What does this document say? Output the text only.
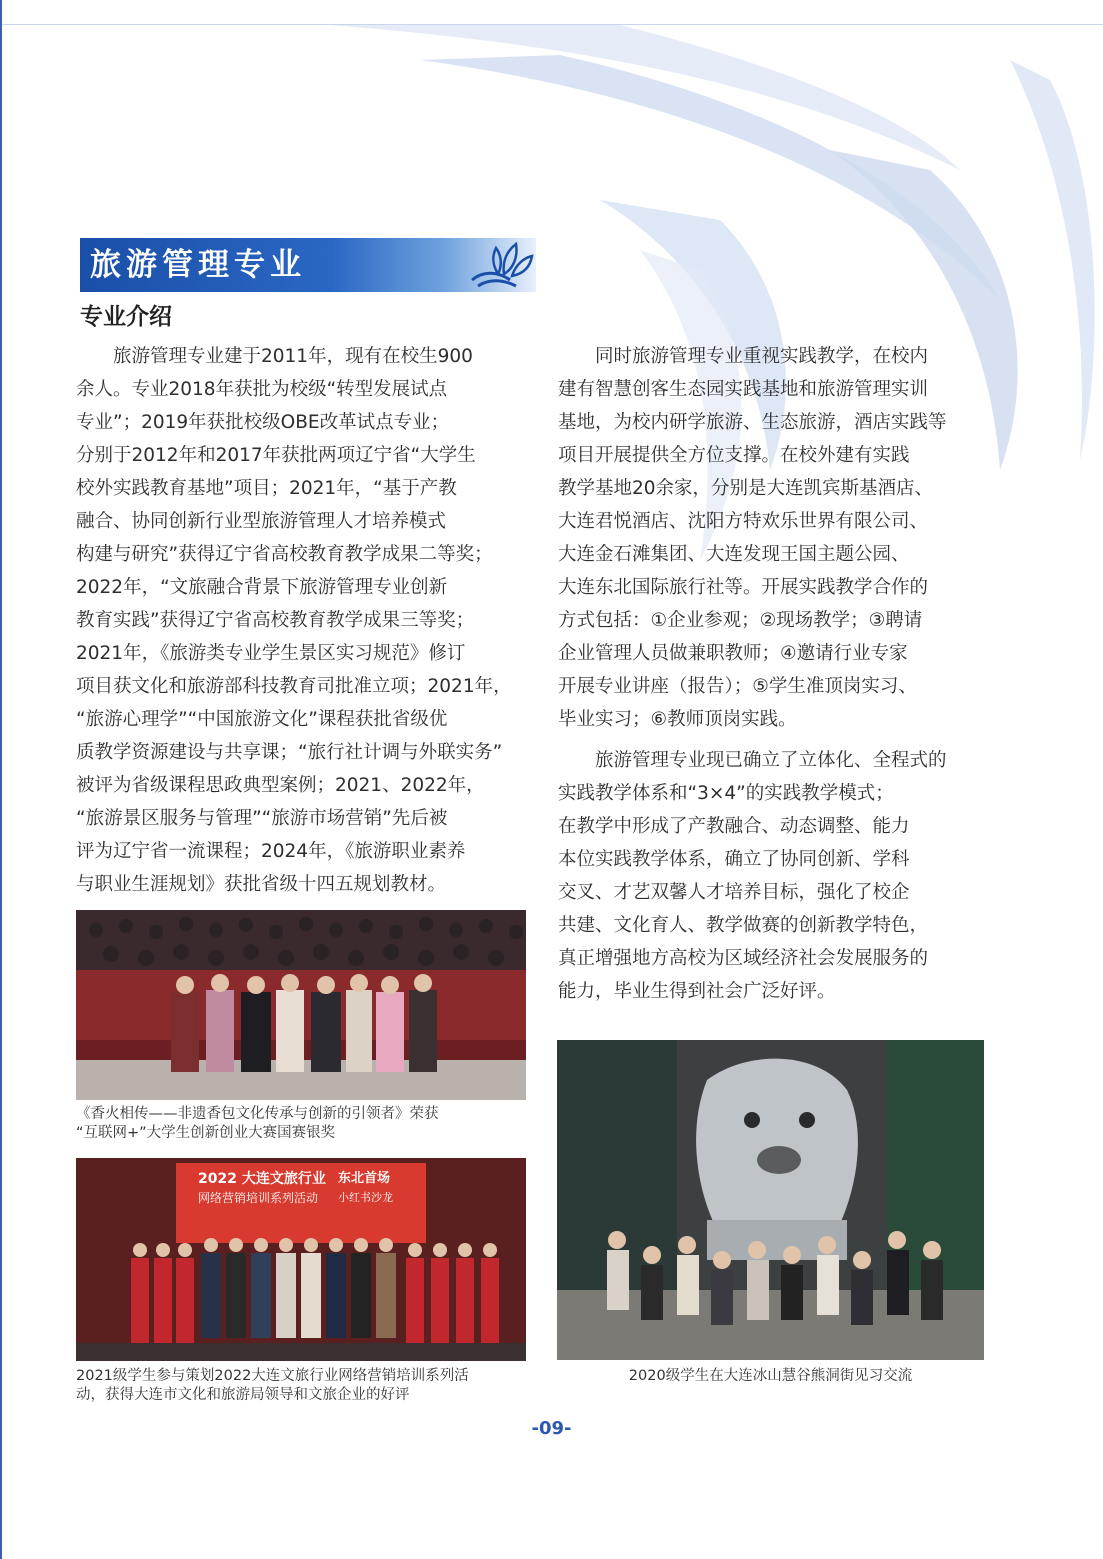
旅游管理专业
专业介绍
　　旅游管理专业建于2011年，现有在校生900
余人。专业2018年获批为校级“转型发展试点
专业”；2019年获批校级OBE改革试点专业；
分别于2012年和2017年获批两项辽宁省“大学生
校外实践教育基地”项目；2021年，“基于产教
融合、协同创新行业型旅游管理人才培养模式
构建与研究”获得辽宁省高校教育教学成果二等奖；
2022年，“文旅融合背景下旅游管理专业创新
教育实践”获得辽宁省高校教育教学成果三等奖；
2021年，《旅游类专业学生景区实习规范》修订
项目获文化和旅游部科技教育司批准立项；2021年，
“旅游心理学”“中国旅游文化”课程获批省级优
质教学资源建设与共享课；“旅行社计调与外联实务”
被评为省级课程思政典型案例；2021、2022年，
“旅游景区服务与管理”“旅游市场营销”先后被
评为辽宁省一流课程；2024年，《旅游职业素养
与职业生涯规划》获批省级十四五规划教材。
　　同时旅游管理专业重视实践教学，在校内
建有智慧创客生态园实践基地和旅游管理实训
基地，为校内研学旅游、生态旅游，酒店实践等
项目开展提供全方位支撑。在校外建有实践
教学基地20余家，分别是大连凯宾斯基酒店、
大连君悦酒店、沈阳方特欢乐世界有限公司、
大连金石滩集团、大连发现王国主题公园、
大连东北国际旅行社等。开展实践教学合作的
方式包括：①企业参观；②现场教学；③聘请
企业管理人员做兼职教师；④邀请行业专家
开展专业讲座（报告）；⑤学生准顶岗实习、
毕业实习；⑥教师顶岗实践。
　　旅游管理专业现已确立了立体化、全程式的
实践教学体系和“3×4”的实践教学模式；
在教学中形成了产教融合、动态调整、能力
本位实践教学体系，确立了协同创新、学科
交叉、才艺双馨人才培养目标，强化了校企
共建、文化育人、教学做赛的创新教学特色，
真正增强地方高校为区域经济社会发展服务的
能力，毕业生得到社会广泛好评。
《香火相传——非遗香包文化传承与创新的引领者》荣获
“互联网+”大学生创新创业大赛国赛银奖
2022 大连文旅行业
网络营销培训系列活动
东北首场
小红书沙龙
2021级学生参与策划2022大连文旅行业网络营销培训系列活
动，获得大连市文化和旅游局领导和文旅企业的好评
2020级学生在大连冰山慧谷熊洞街见习交流
-09-
